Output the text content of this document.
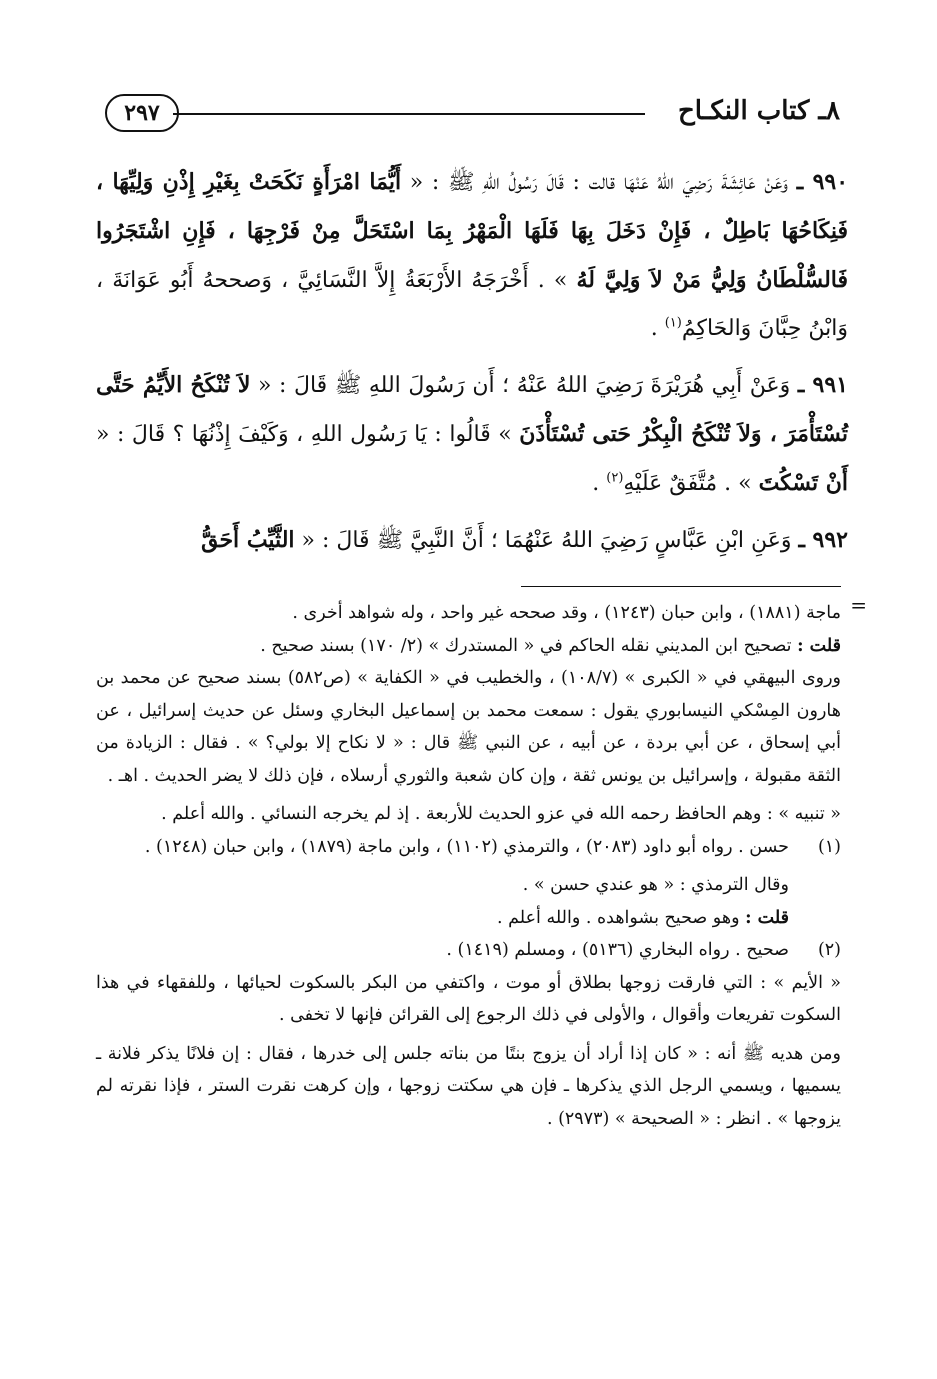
٨ـ كتاب النكـاح
٢٩٧

٩٩٠ ـ وَعَنْ عَائِشَةَ رَضِيَ اللهُ عَنْهَا قالت : قَالَ رَسُولُ اللهِ ﷺ : « أَيُّمَا امْرَأَةٍ نَكَحَتْ بِغَيْرِ إِذْنِ وَلِيِّهَا ، فَنِكَاحُهَا بَاطِلٌ ، فَإِنْ دَخَلَ بِهَا فَلَهَا الْمَهْرُ بِمَا اسْتَحَلَّ مِنْ فَرْجِهَا ، فَإِنِ اشْتَجَرُوا فَالسُّلْطَانُ وَلِيُّ مَنْ لاَ وَلِيَّ لَهُ » . أَخْرَجَهُ الأَرْبَعَةُ إِلاَّ النَّسَائِيَّ ، وَصححهُ أَبُو عَوَانَةَ ، وَابْنُ حِبَّانَ وَالحَاكِمُ$^{(١)}$ .

٩٩١ ـ وَعَنْ أَبِي هُرَيْرَةَ رَضِيَ اللهُ عَنْهُ ؛ أَن رَسُولَ اللهِ ﷺ قَالَ : « لاَ تُنْكَحُ الأَيِّمُ حَتَّى تُسْتَأْمَرَ ، وَلاَ تُنْكَحُ الْبِكْرُ حَتى تُسْتَأْذَنَ » قَالُوا : يَا رَسُول اللهِ ، وَكَيْفَ إِذْنُهَا ؟ قَالَ : « أَنْ تَسْكُتَ » . مُتَّفَقٌ عَلَيْهِ$^{(٢)}$ .

٩٩٢ ـ وَعَنِ ابْنِ عَبَّاسٍ رَضِيَ اللهُ عَنْهُمَا ؛ أَنَّ النَّبِيَّ ﷺ قَالَ : « الثَّيِّبُ أَحَقُّ

=

ماجة (١٨٨١) ، وابن حبان (١٢٤٣) ، وقد صححه غير واحد ، وله شواهد أخرى .

قلت : تصحيح ابن المديني نقله الحاكم في « المستدرك » (٢/ ١٧٠) بسند صحيح .

وروى البيهقي في « الكبرى » (١٠٨/٧) ، والخطيب في « الكفاية » (ص٥٨٢) بسند صحيح عن محمد بن هارون المِسْكي النيسابوري يقول : سمعت محمد بن إسماعيل البخاري وسئل عن حديث إسرائيل ، عن أبي إسحاق ، عن أبي بردة ، عن أبيه ، عن النبي ﷺ قال : « لا نكاح إلا بولي؟ » . فقال : الزيادة من الثقة مقبولة ، وإسرائيل بن يونس ثقة ، وإن كان شعبة والثوري أرسلاه ، فإن ذلك لا يضر الحديث . اهـ .

« تنبيه » : وهم الحافظ رحمه الله في عزو الحديث للأربعة . إذ لم يخرجه النسائي . والله أعلم .

(١)

حسن . رواه أبو داود (٢٠٨٣) ، والترمذي (١١٠٢) ، وابن ماجة (١٨٧٩) ، وابن حبان (١٢٤٨) .

وقال الترمذي : « هو عندي حسن » .

قلت : وهو صحيح بشواهده . والله أعلم .

(٢)

صحيح . رواه البخاري (٥١٣٦) ، ومسلم (١٤١٩) .

« الأيم » : التي فارقت زوجها بطلاق أو موت ، واكتفي من البكر بالسكوت لحيائها ، وللفقهاء في هذا السكوت تفريعات وأقوال ، والأولى في ذلك الرجوع إلى القرائن فإنها لا تخفى .

ومن هديه ﷺ أنه : « كان إذا أراد أن يزوج بنتًا من بناته جلس إلى خدرها ، فقال : إن فلانًا يذكر فلانة ـ يسميها ، ويسمي الرجل الذي يذكرها ـ فإن هي سكتت زوجها ، وإن كرهت نقرت الستر ، فإذا نقرته لم يزوجها » . انظر : « الصحيحة » (٢٩٧٣) .
